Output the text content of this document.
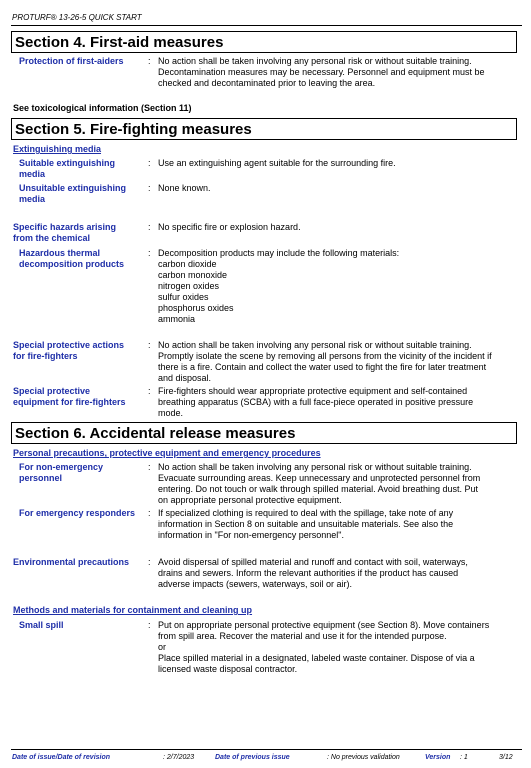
PROTURF® 13-26-5 QUICK START
Section 4. First-aid measures
Protection of first-aiders	: No action shall be taken involving any personal risk or without suitable training.
Decontamination measures may be necessary. Personnel and equipment must be
checked and decontaminated prior to leaving the area.
See toxicological information (Section 11)
Section 5. Fire-fighting measures
Extinguishing media
Suitable extinguishing
media
: Use an extinguishing agent suitable for the surrounding fire.
Unsuitable extinguishing
media
: None known.
Specific hazards arising
from the chemical
: No specific fire or explosion hazard.
Hazardous thermal
decomposition products
: Decomposition products may include the following materials:
carbon dioxide
carbon monoxide
nitrogen oxides
sulfur oxides
phosphorus oxides
ammonia
Special protective actions
for fire-fighters
: No action shall be taken involving any personal risk or without suitable training.
Promptly isolate the scene by removing all persons from the vicinity of the incident if
there is a fire. Contain and collect the water used to fight the fire for later treatment
and disposal.
Special protective
equipment for fire-fighters
: Fire-fighters should wear appropriate protective equipment and self-contained
breathing apparatus (SCBA) with a full face-piece operated in positive pressure
mode.
Section 6. Accidental release measures
Personal precautions, protective equipment and emergency procedures
For non-emergency
personnel
: No action shall be taken involving any personal risk or without suitable training.
Evacuate surrounding areas. Keep unnecessary and unprotected personnel from
entering. Do not touch or walk through spilled material. Avoid breathing dust. Put
on appropriate personal protective equipment.
For emergency responders : If specialized clothing is required to deal with the spillage, take note of any
information in Section 8 on suitable and unsuitable materials. See also the
information in "For non-emergency personnel".
Environmental precautions : Avoid dispersal of spilled material and runoff and contact with soil, waterways,
drains and sewers. Inform the relevant authorities if the product has caused
adverse impacts (sewers, waterways, soil or air).
Methods and materials for containment and cleaning up
Small spill	: Put on appropriate personal protective equipment (see Section 8). Move containers
from spill area. Recover the material and use it for the intended purpose.
or
Place spilled material in a designated, labeled waste container. Dispose of via a
licensed waste disposal contractor.
Date of issue/Date of revision	: 2/7/2023	Date of previous issue	: No previous validation	Version : 1	3/12
